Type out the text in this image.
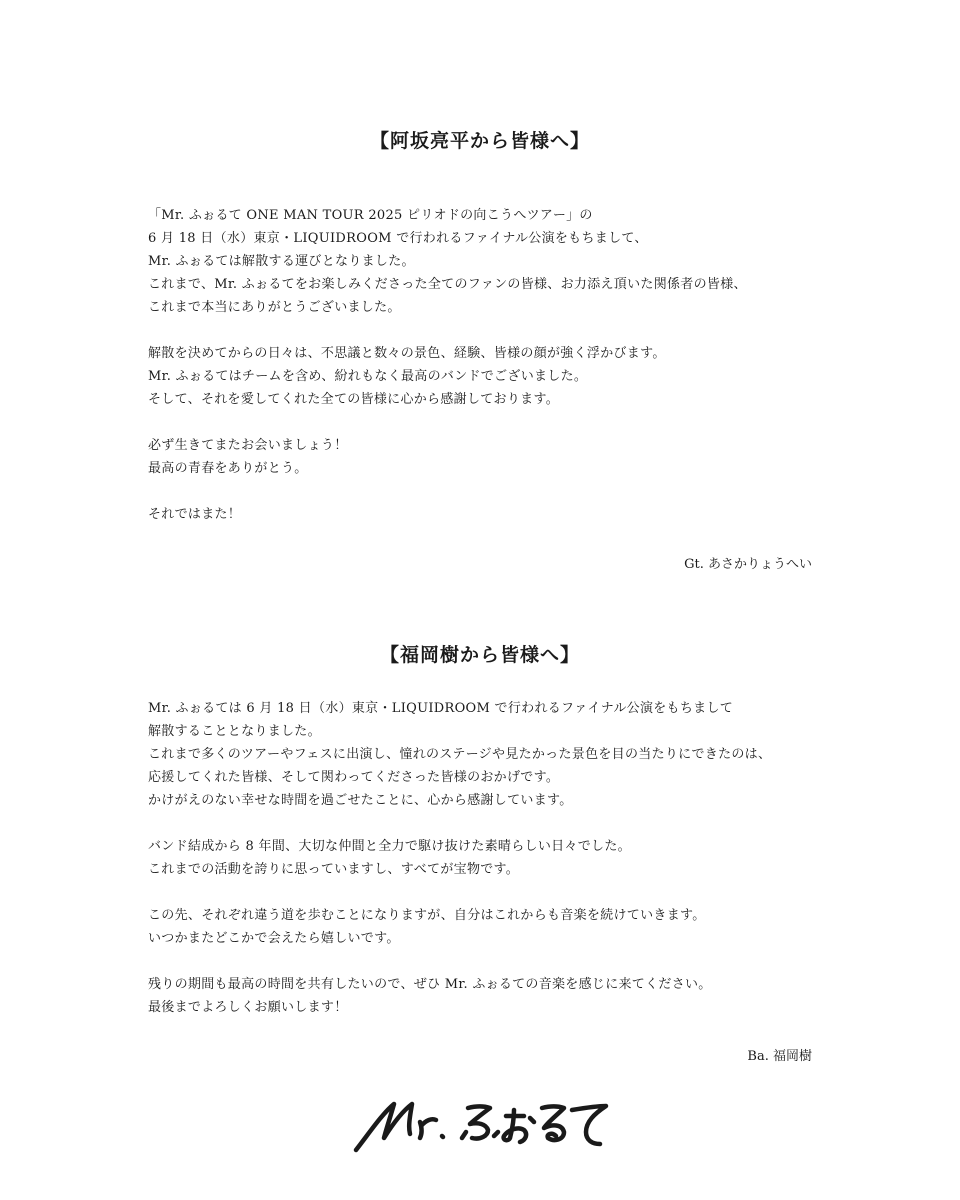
【阿坂亮平から皆様へ】

「Mr. ふぉるて ONE MAN TOUR 2025 ピリオドの向こうへツアー」の
6 月 18 日（水）東京・LIQUIDROOM で行われるファイナル公演をもちまして、
Mr. ふぉるては解散する運びとなりました。
これまで、Mr. ふぉるてをお楽しみくださった全てのファンの皆様、お力添え頂いた関係者の皆様、
これまで本当にありがとうございました。

解散を決めてからの日々は、不思議と数々の景色、経験、皆様の顔が強く浮かびます。
Mr. ふぉるてはチームを含め、紛れもなく最高のバンドでございました。
そして、それを愛してくれた全ての皆様に心から感謝しております。

必ず生きてまたお会いましょう！
最高の青春をありがとう。

それではまた！

Gt. あさかりょうへい

【福岡樹から皆様へ】

Mr. ふぉるては 6 月 18 日（水）東京・LIQUIDROOM で行われるファイナル公演をもちまして
解散することとなりました。
これまで多くのツアーやフェスに出演し、憧れのステージや見たかった景色を目の当たりにできたのは、
応援してくれた皆様、そして関わってくださった皆様のおかげです。
かけがえのない幸せな時間を過ごせたことに、心から感謝しています。

バンド結成から 8 年間、大切な仲間と全力で駆け抜けた素晴らしい日々でした。
これまでの活動を誇りに思っていますし、すべてが宝物です。

この先、それぞれ違う道を歩むことになりますが、自分はこれからも音楽を続けていきます。
いつかまたどこかで会えたら嬉しいです。

残りの期間も最高の時間を共有したいので、ぜひ Mr. ふぉるての音楽を感じに来てください。
最後までよろしくお願いします！

Ba. 福岡樹
